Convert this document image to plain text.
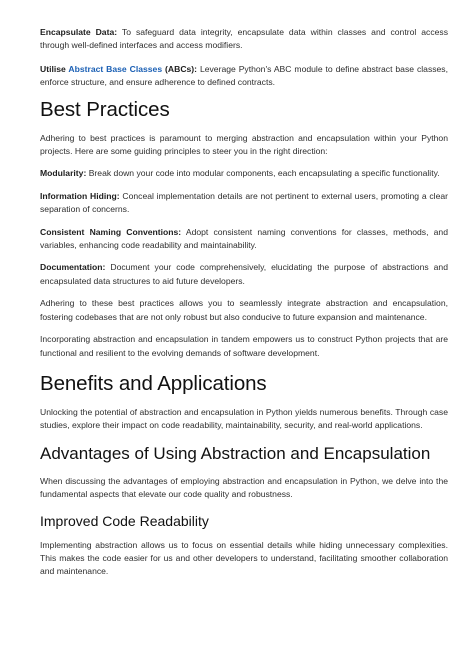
Encapsulate Data: To safeguard data integrity, encapsulate data within classes and control access through well-defined interfaces and access modifiers.

Utilise Abstract Base Classes (ABCs): Leverage Python's ABC module to define abstract base classes, enforce structure, and ensure adherence to defined contracts.

Best Practices

Adhering to best practices is paramount to merging abstraction and encapsulation within your Python projects. Here are some guiding principles to steer you in the right direction:

Modularity: Break down your code into modular components, each encapsulating a specific functionality.

Information Hiding: Conceal implementation details are not pertinent to external users, promoting a clear separation of concerns.

Consistent Naming Conventions: Adopt consistent naming conventions for classes, methods, and variables, enhancing code readability and maintainability.

Documentation: Document your code comprehensively, elucidating the purpose of abstractions and encapsulated data structures to aid future developers.

Adhering to these best practices allows you to seamlessly integrate abstraction and encapsulation, fostering codebases that are not only robust but also conducive to future expansion and maintenance.

Incorporating abstraction and encapsulation in tandem empowers us to construct Python projects that are functional and resilient to the evolving demands of software development.

Benefits and Applications

Unlocking the potential of abstraction and encapsulation in Python yields numerous benefits. Through case studies, explore their impact on code readability, maintainability, security, and real-world applications.

Advantages of Using Abstraction and Encapsulation

When discussing the advantages of employing abstraction and encapsulation in Python, we delve into the fundamental aspects that elevate our code quality and robustness.

Improved Code Readability

Implementing abstraction allows us to focus on essential details while hiding unnecessary complexities. This makes the code easier for us and other developers to understand, facilitating smoother collaboration and maintenance.
